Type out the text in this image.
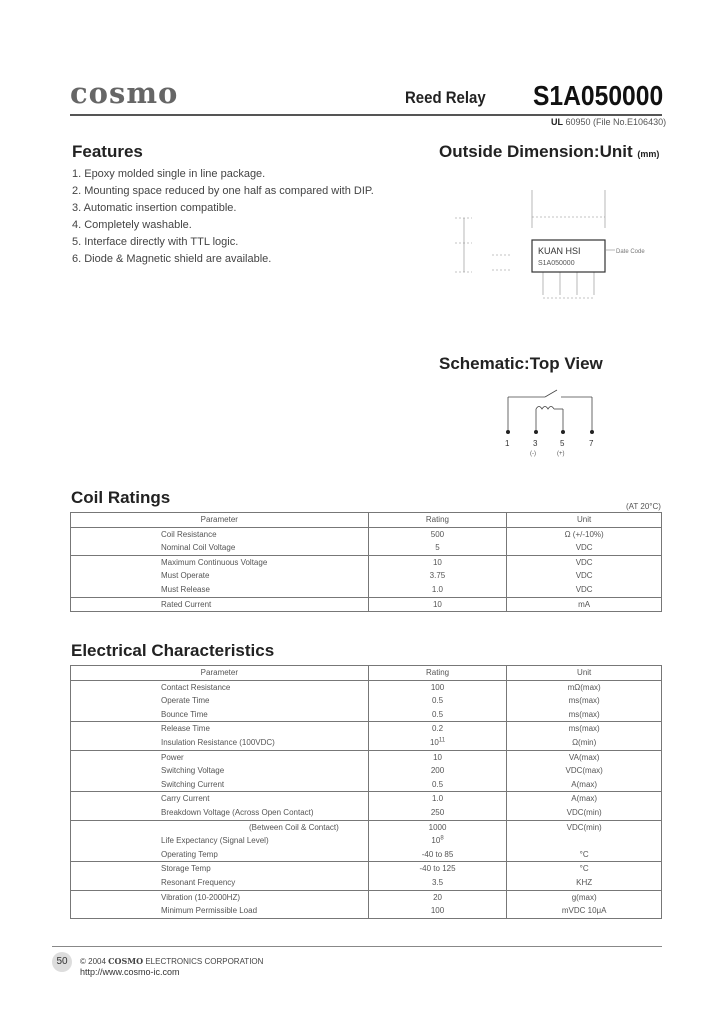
cosmo	Reed Relay S1A050000
UL 60950 (File No.E106430)
Features
1. Epoxy molded single in line package.
2. Mounting space reduced by one half as compared with DIP.
3. Automatic insertion compatible.
4. Completely washable.
5. Interface directly with TTL logic.
6. Diode & Magnetic shield are available.
Outside Dimension:Unit (mm)
KUAN HSI
S1A050000
Date Code
Schematic:Top View
1	3	5	7
(-)	(+)
Coil Ratings	(AT 20°C)
Parameter	Rating	Unit
Coil Resistance	500	Ω (+/-10%)
Nominal Coil Voltage	5	VDC
Maximum Continuous Voltage	10	VDC
Must Operate	3.75	VDC
Must Release	1.0	VDC
Rated Current	10	mA
Electrical Characteristics
Parameter	Rating	Unit
Contact Resistance	100	mΩ(max)
Operate Time	0.5	ms(max)
Bounce Time	0.5	ms(max)
Release Time	0.2	ms(max)
Insulation Resistance (100VDC)	$10^{11}$	Ω(min)
Power	10	VA(max)
Switching Voltage	200	VDC(max)
Switching Current	0.5	A(max)
Carry Current	1.0	A(max)
Breakdown Voltage (Across Open Contact)	250	VDC(min)
(Between Coil & Contact)	1000	VDC(min)
Life Expectancy (Signal Level)	$10^8$	
Operating Temp	-40 to 85	°C
Storage Temp	-40 to 125	°C
Resonant Frequency	3.5	KHZ
Vibration (10-2000HZ)	20	g(max)
Minimum Permissible Load	100	mVDC 10μA
50	© 2004 COSMO ELECTRONICS CORPORATION
http://www.cosmo-ic.com
